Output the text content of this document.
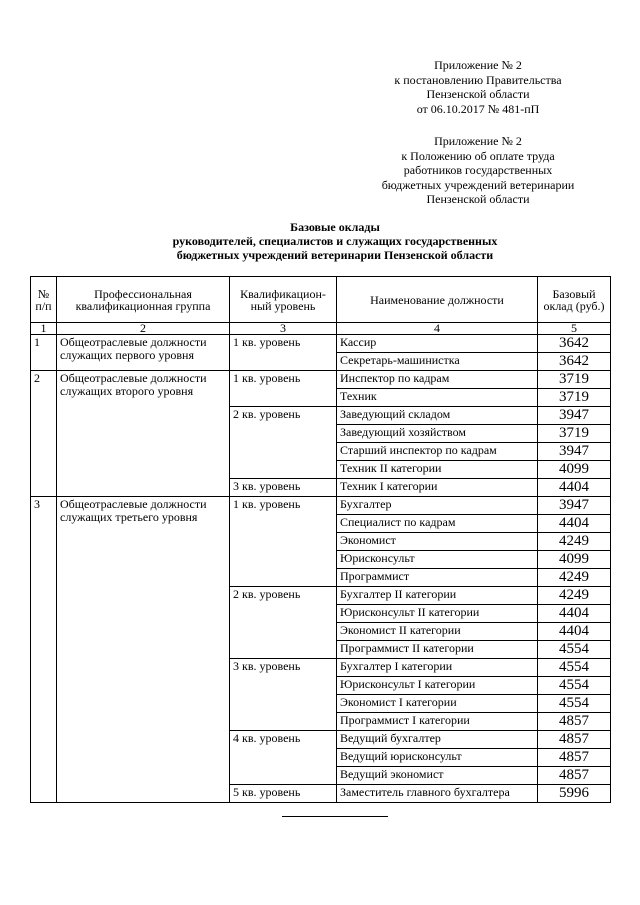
Приложение № 2
к постановлению Правительства
Пензенской области
от 06.10.2017 № 481-пП
Приложение № 2
к Положению об оплате труда
работников государственных
бюджетных учреждений ветеринарии
Пензенской области
Базовые оклады
руководителей, специалистов и служащих государственных
бюджетных учреждений ветеринарии Пензенской области
№ п/п	Профессиональная квалификационная группа	Квалификацион-ный уровень	Наименование должности	Базовый оклад (руб.)
1	2	3	4	5
1	Общеотраслевые должности служащих первого уровня	1 кв. уровень	Кассир	3642
			Секретарь-машинистка	3642
2	Общеотраслевые должности служащих второго уровня	1 кв. уровень	Инспектор по кадрам	3719
			Техник	3719
		2 кв. уровень	Заведующий складом	3947
			Заведующий хозяйством	3719
			Старший инспектор по кадрам	3947
			Техник II категории	4099
		3 кв. уровень	Техник I категории	4404
3	Общеотраслевые должности служащих третьего уровня	1 кв. уровень	Бухгалтер	3947
			Специалист по кадрам	4404
			Экономист	4249
			Юрисконсульт	4099
			Программист	4249
		2 кв. уровень	Бухгалтер II категории	4249
			Юрисконсульт II категории	4404
			Экономист II категории	4404
			Программист II категории	4554
		3 кв. уровень	Бухгалтер I категории	4554
			Юрисконсульт I категории	4554
			Экономист I категории	4554
			Программист I категории	4857
		4 кв. уровень	Ведущий бухгалтер	4857
			Ведущий юрисконсульт	4857
			Ведущий экономист	4857
		5 кв. уровень	Заместитель главного бухгалтера	5996
